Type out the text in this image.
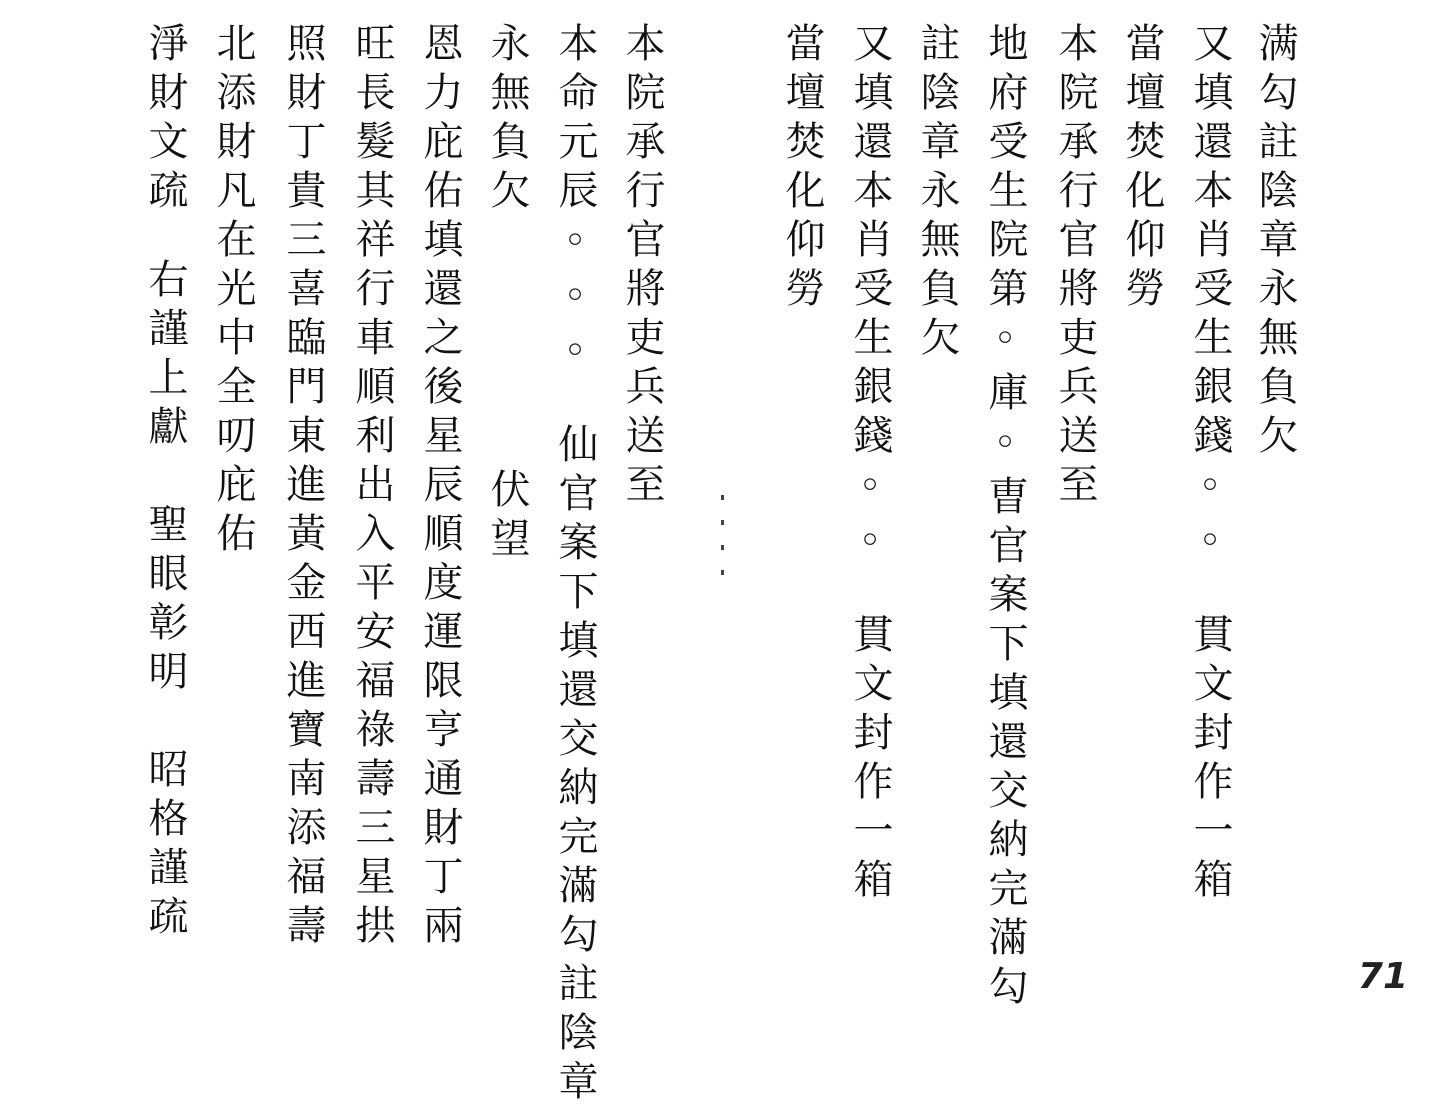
满勾註陰章永無負欠
又填還本肖受生銀錢◦◦貫文封作一箱
當壇焚化仰勞
本院承行官將吏兵送至
地府受生院第◦庫◦曺官案下填還交納完滿勾
註陰章永無負欠
又填還本肖受生銀錢◦◦貫文封作一箱
當壇焚化仰勞
本院承行官將吏兵送至
本命元辰◦◦◦仙官案下填還交納完滿勾註陰章
永無負欠伏望
恩力庇佑填還之後星辰順度運限亨通財丁兩
旺長髮其祥行車順利出入平安福祿壽三星拱
照財丁貴三喜臨門東進黃金西進寶南添福壽
北添財凡在光中全叨庇佑
淨財文疏右謹上獻　聖眼彰明　昭格謹疏
71
